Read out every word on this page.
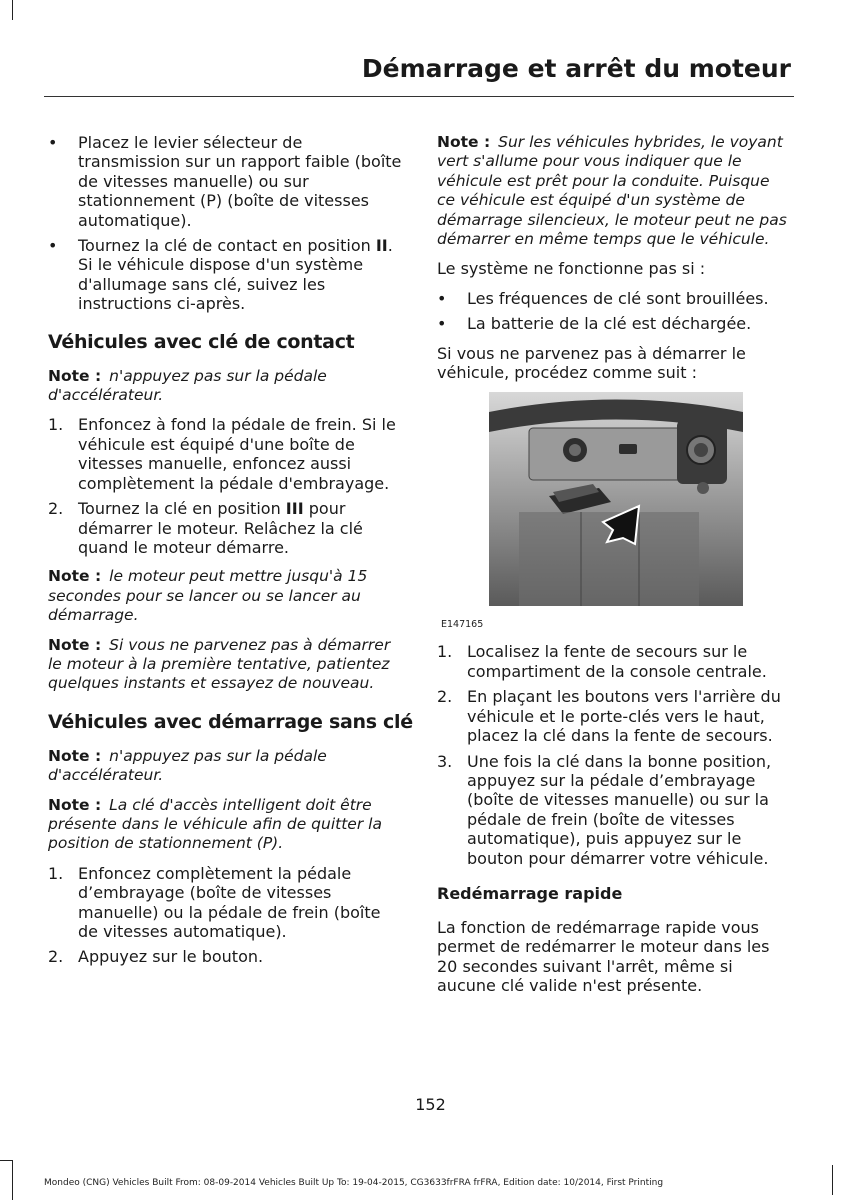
Démarrage et arrêt du moteur
• Placez le levier sélecteur de transmission sur un rapport faible (boîte de vitesses manuelle) ou sur stationnement (P) (boîte de vitesses automatique).
• Tournez la clé de contact en position II. Si le véhicule dispose d'un système d'allumage sans clé, suivez les instructions ci-après.
Véhicules avec clé de contact

Note : n'appuyez pas sur la pédale d'accélérateur.

1. Enfoncez à fond la pédale de frein. Si le véhicule est équipé d'une boîte de vitesses manuelle, enfoncez aussi complètement la pédale d'embrayage.
2. Tournez la clé en position III pour démarrer le moteur. Relâchez la clé quand le moteur démarre.

Note : le moteur peut mettre jusqu'à 15 secondes pour se lancer ou se lancer au démarrage.

Note : Si vous ne parvenez pas à démarrer le moteur à la première tentative, patientez quelques instants et essayez de nouveau.

Véhicules avec démarrage sans clé

Note : n'appuyez pas sur la pédale d'accélérateur.

Note : La clé d'accès intelligent doit être présente dans le véhicule afin de quitter la position de stationnement (P).

1. Enfoncez complètement la pédale d’embrayage (boîte de vitesses manuelle) ou la pédale de frein (boîte de vitesses automatique).
2. Appuyez sur le bouton.

Note : Sur les véhicules hybrides, le voyant vert s'allume pour vous indiquer que le véhicule est prêt pour la conduite. Puisque ce véhicule est équipé d'un système de démarrage silencieux, le moteur peut ne pas démarrer en même temps que le véhicule.

Le système ne fonctionne pas si :

• Les fréquences de clé sont brouillées.
• La batterie de la clé est déchargée.

Si vous ne parvenez pas à démarrer le véhicule, procédez comme suit :

E147165
1. Localisez la fente de secours sur le compartiment de la console centrale.
2. En plaçant les boutons vers l'arrière du véhicule et le porte-clés vers le haut, placez la clé dans la fente de secours.
3. Une fois la clé dans la bonne position, appuyez sur la pédale d’embrayage (boîte de vitesses manuelle) ou sur la pédale de frein (boîte de vitesses automatique), puis appuyez sur le bouton pour démarrer votre véhicule.
Redémarrage rapide

La fonction de redémarrage rapide vous permet de redémarrer le moteur dans les 20 secondes suivant l'arrêt, même si aucune clé valide n'est présente.

152
Mondeo (CNG) Vehicles Built From: 08-09-2014 Vehicles Built Up To: 19-04-2015, CG3633frFRA frFRA, Edition date: 10/2014, First Printing
